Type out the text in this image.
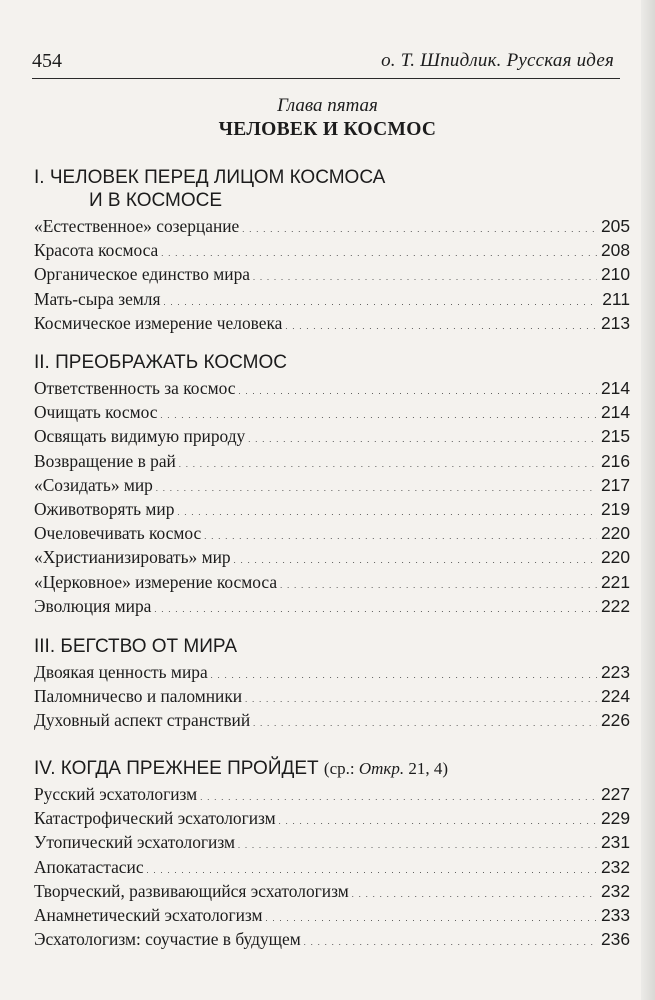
454	о. Т. Шпидлик. Русская идея
Глава пятая
ЧЕЛОВЕК И КОСМОС
I. ЧЕЛОВЕК ПЕРЕД ЛИЦОМ КОСМОСА
И В КОСМОСЕ
«Естественное» созерцание . . .	205
Красота космоса . . .	208
Органическое единство мира . . .	210
Мать-сыра земля . . .	211
Космическое измерение человека . . .	213
II. ПРЕОБРАЖАТЬ КОСМОС
Ответственность за космос . . .	214
Очищать космос . . .	214
Освящать видимую природу . . .	215
Возвращение в рай . . .	216
«Созидать» мир . . .	217
Оживотворять мир . . .	219
Очеловечивать космос . . .	220
«Христианизировать» мир . . .	220
«Церковное» измерение космоса . . .	221
Эволюция мира . . .	222
III. БЕГСТВО ОТ МИРА
Двоякая ценность мира . . .	223
Паломничесво и паломники . . .	224
Духовный аспект странствий . . .	226
IV. КОГДА ПРЕЖНЕЕ ПРОЙДЕТ (ср.: Откр. 21, 4)
Русский эсхатологизм . . .	227
Катастрофический эсхатологизм . . .	229
Утопический эсхатологизм . . .	231
Апокатастасис . . .	232
Творческий, развивающийся эсхатологизм . . .	232
Анамнетический эсхатологизм . . .	233
Эсхатологизм: соучастие в будущем . . .	236
